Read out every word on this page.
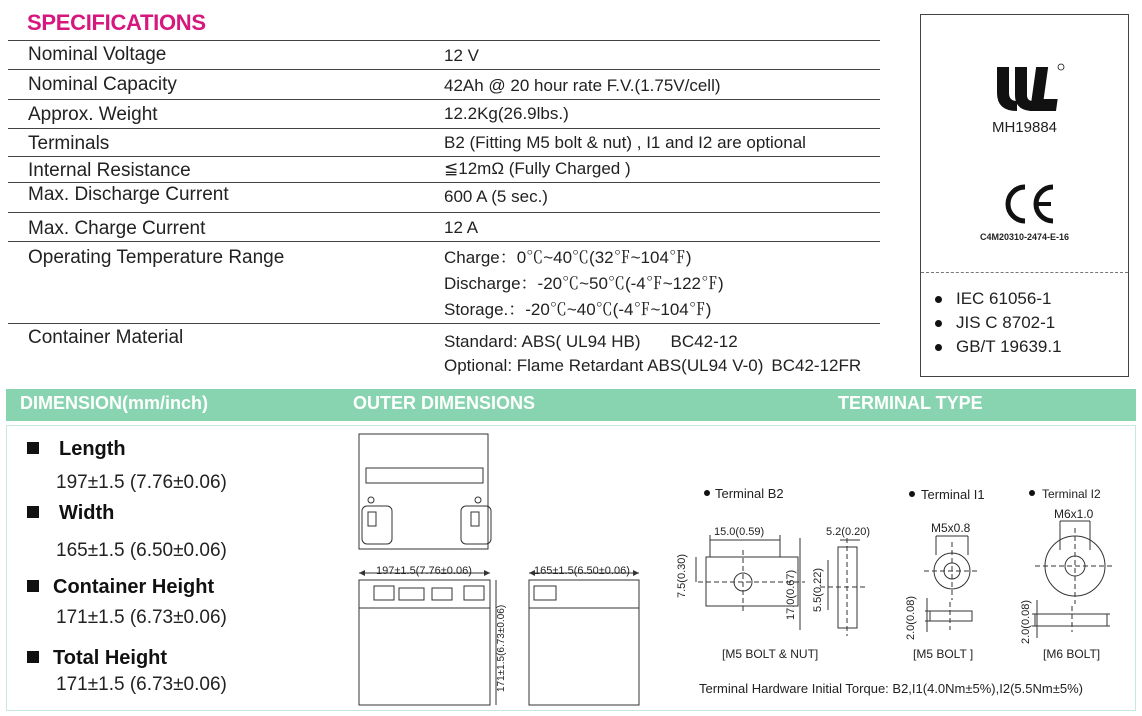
SPECIFICATIONS
Nominal Voltage	12 V
Nominal Capacity	42Ah @ 20 hour rate F.V.(1.75V/cell)
Approx. Weight	12.2Kg(26.9lbs.)
Terminals	B2 (Fitting M5 bolt & nut) , I1 and I2 are optional
Internal Resistance	≦12mΩ (Fully Charged )
Max. Discharge Current	600 A (5 sec.)
Max. Charge Current	12 A
Operating Temperature Range	Charge：0℃~40℃(32℉~104℉)
Discharge：-20℃~50℃(-4℉~122℉)
Storage.：-20℃~40℃(-4℉~104℉)
Container Material	Standard: ABS( UL94 HB) BC42-12
Optional: Flame Retardant ABS(UL94 V-0) BC42-12FR
MH19884
C4M20310-2474-E-16
IEC 61056-1
JIS C 8702-1
GB/T 19639.1
DIMENSION(mm/inch)	OUTER DIMENSIONS	TERMINAL TYPE
Length
197±1.5 (7.76±0.06)
Width
165±1.5 (6.50±0.06)
Container Height
171±1.5 (6.73±0.06)
Total Height
171±1.5 (6.73±0.06)
197±1.5(7.76±0.06)	165±1.5(6.50±0.06)
171±1.5(6.73±0.06)
Terminal B2	Terminal I1	Terminal I2
15.0(0.59)	5.2(0.20)
7.5(0.30)	17.0(0.67) 5.5(0.22)
[M5 BOLT & NUT]
M5x0.8
2.0(0.08)
[M5 BOLT ]
M6x1.0
2.0(0.08)
[M6 BOLT]
Terminal Hardware Initial Torque: B2,I1(4.0Nm±5%),I2(5.5Nm±5%)
